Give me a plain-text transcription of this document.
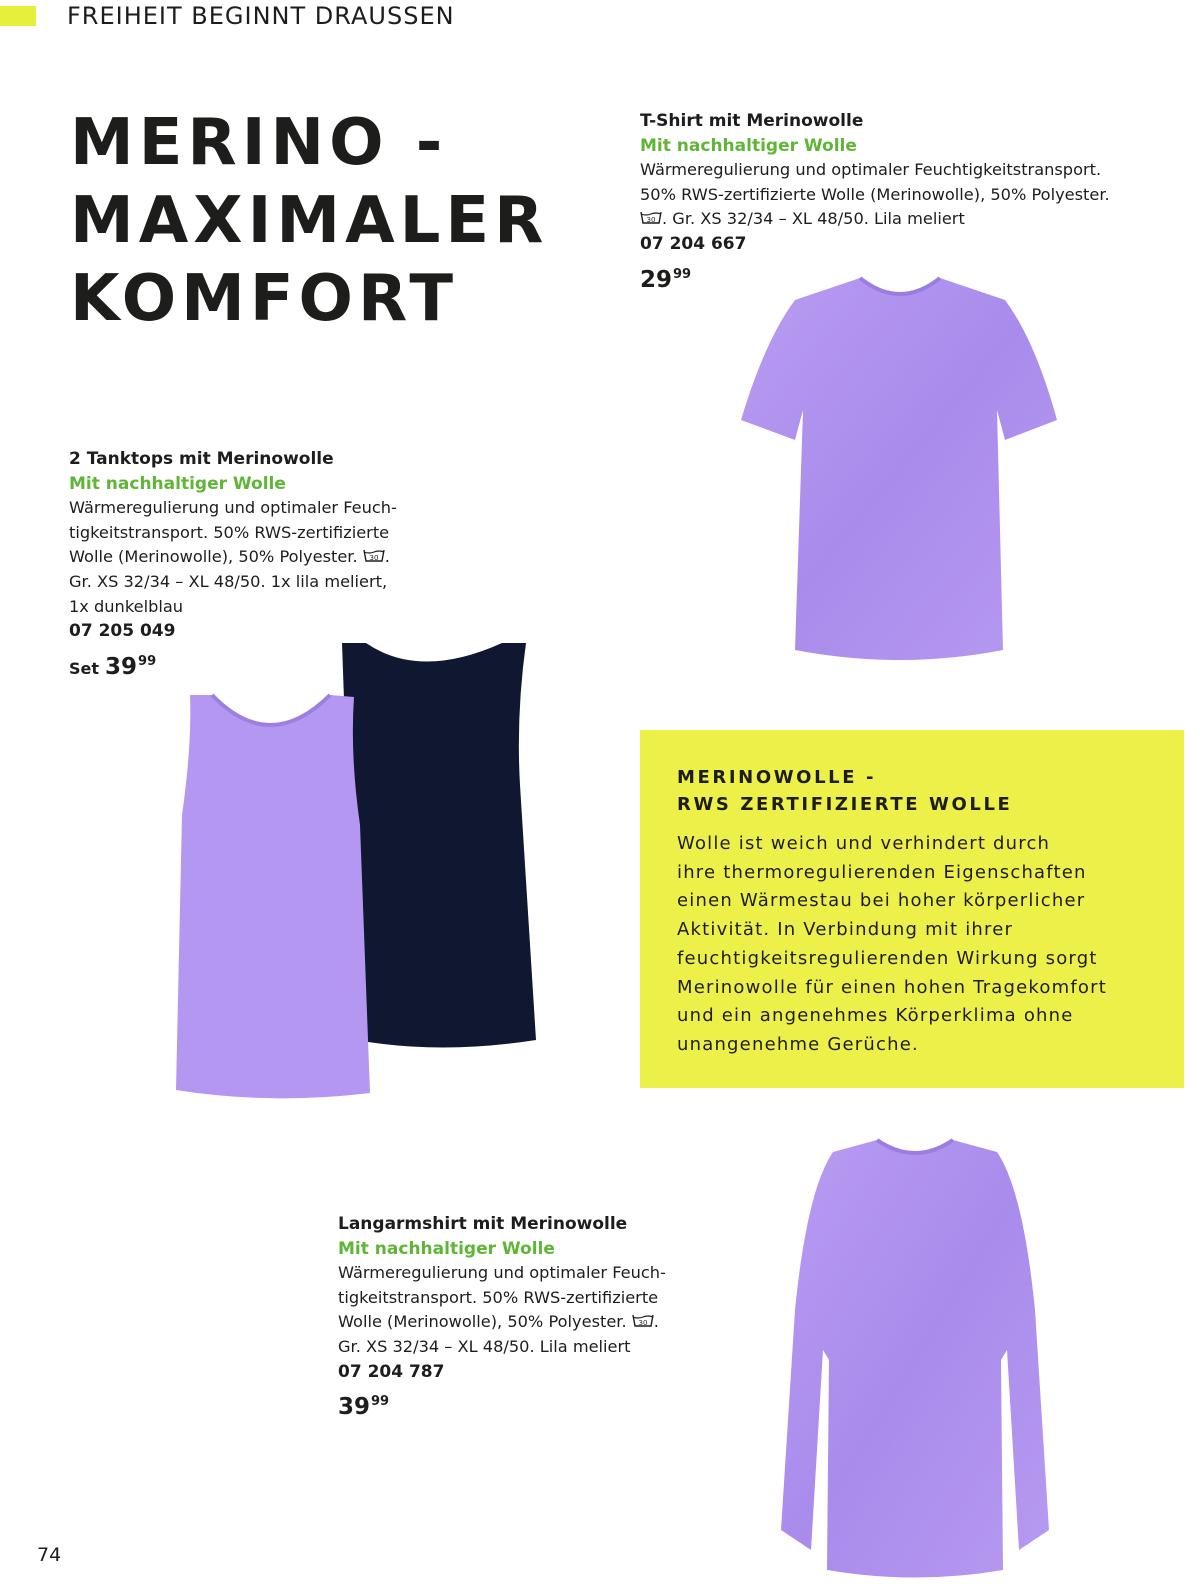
FREIHEIT BEGINNT DRAUSSEN
MERINO -
MAXIMALER
KOMFORT
T-Shirt mit Merinowolle
Mit nachhaltiger Wolle
Wärmeregulierung und optimaler Feuchtigkeitstransport.
50% RWS-zertifizierte Wolle (Merinowolle), 50% Polyester.
30 . Gr. XS 32/34 – XL 48/50. Lila meliert
07 204 667
$29^{99}$
2 Tanktops mit Merinowolle
Mit nachhaltiger Wolle
Wärmeregulierung und optimaler Feuch-
tigkeitstransport. 50% RWS-zertifizierte
Wolle (Merinowolle), 50% Polyester. 30 .
Gr. XS 32/34 – XL 48/50. 1x lila meliert,
1x dunkelblau
07 205 049
Set $39^{99}$
Langarmshirt mit Merinowolle
Mit nachhaltiger Wolle
Wärmeregulierung und optimaler Feuch-
tigkeitstransport. 50% RWS-zertifizierte
Wolle (Merinowolle), 50% Polyester. 30 .
Gr. XS 32/34 – XL 48/50. Lila meliert
07 204 787
$39^{99}$
MERINOWOLLE -
RWS ZERTIFIZIERTE WOLLE
Wolle ist weich und verhindert durch
ihre thermoregulierenden Eigenschaften
einen Wärmestau bei hoher körperlicher
Aktivität. In Verbindung mit ihrer
feuchtigkeitsregulierenden Wirkung sorgt
Merinowolle für einen hohen Tragekomfort
und ein angenehmes Körperklima ohne
unangenehme Gerüche.
74
